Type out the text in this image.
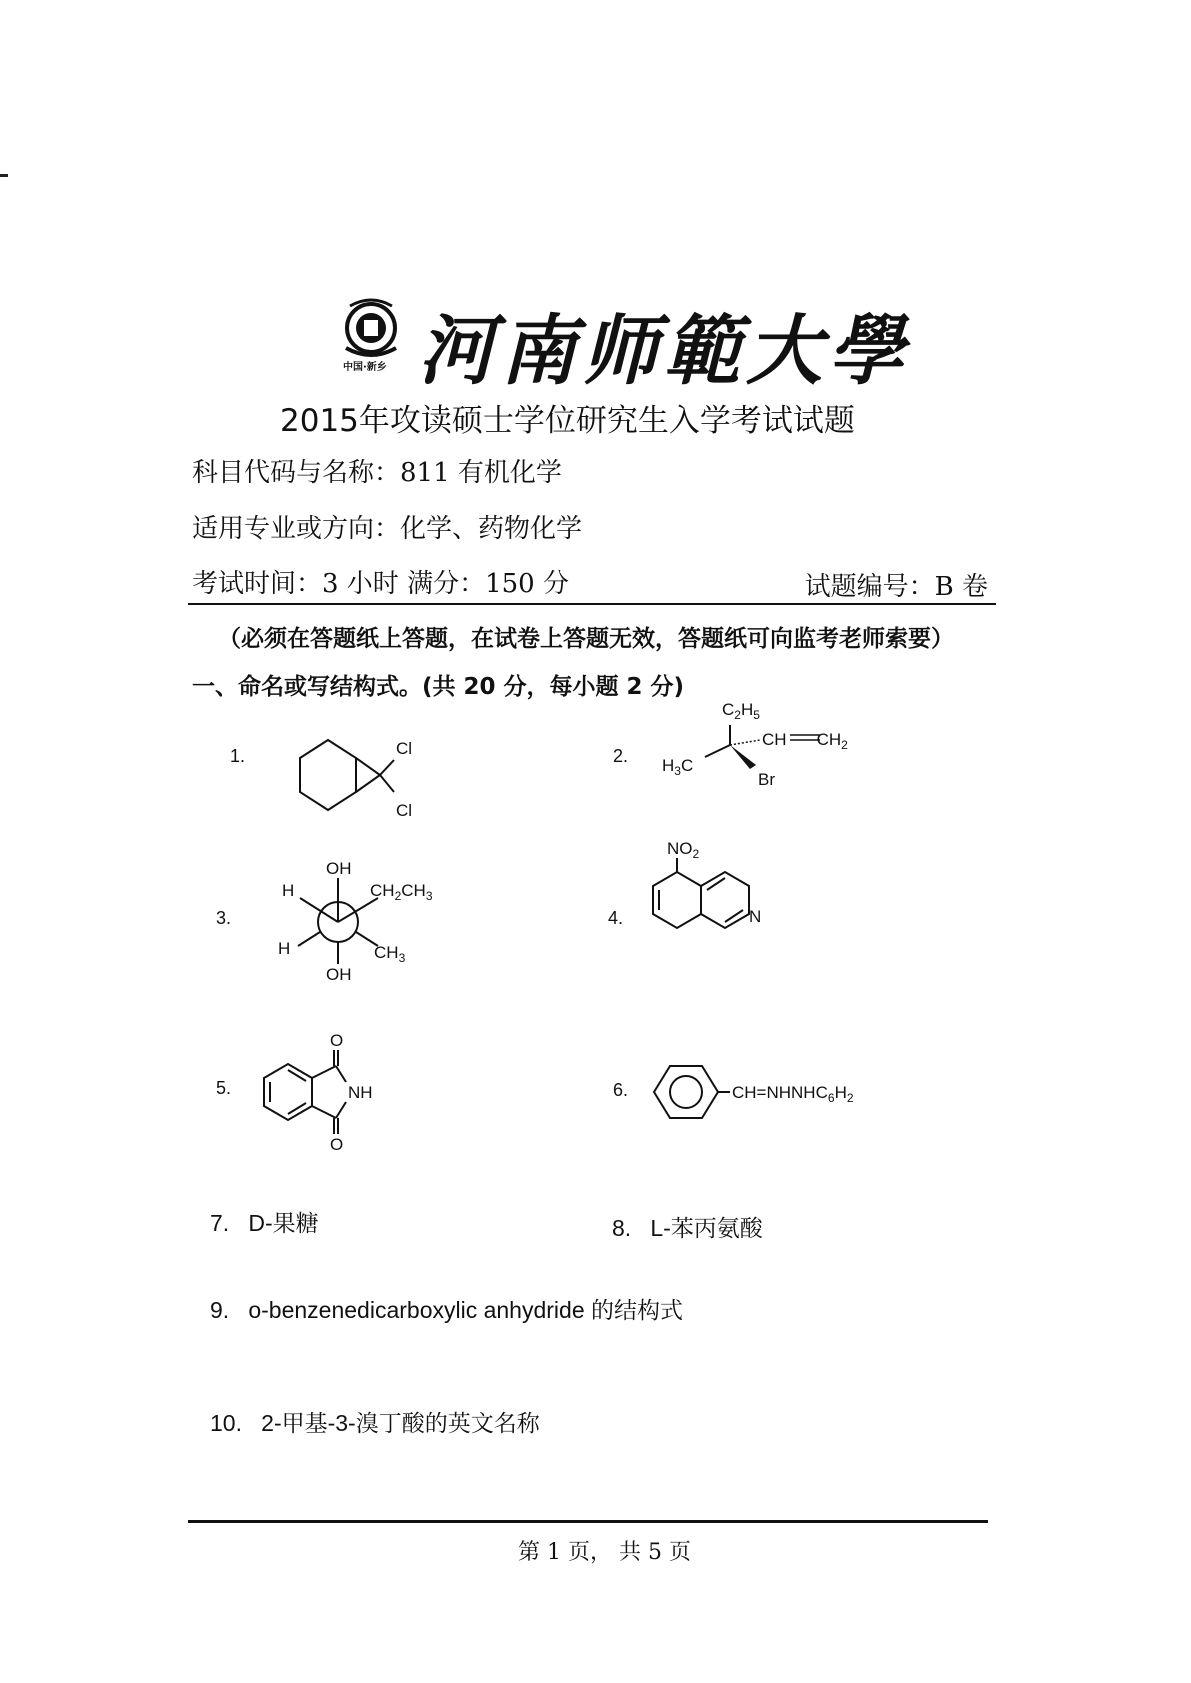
中国·新乡 河南师範大學
2015年攻读硕士学位研究生入学考试试题
科目代码与名称：811 有机化学
适用专业或方向：化学、药物化学
考试时间：3 小时 满分：150 分	试题编号：B 卷
（必须在答题纸上答题，在试卷上答题无效，答题纸可向监考老师索要）
一、命名或写结构式。(共 20 分，每小题 2 分)
1.	Cl
Cl
2.
$C_2H_5$
CH $CH_2$
$H_3C$
Br
3.
OH
H	$CH_2CH_3$
H	$CH_3$
OH
4.
$NO_2$
N
5.
O
NH
O
6.	$CH=NHNHC_6H_2$
7. D-果糖	8. L-苯丙氨酸
9. o-benzenedicarboxylic anhydride 的结构式
10. 2-甲基-3-溴丁酸的英文名称
第 1 页， 共 5 页
